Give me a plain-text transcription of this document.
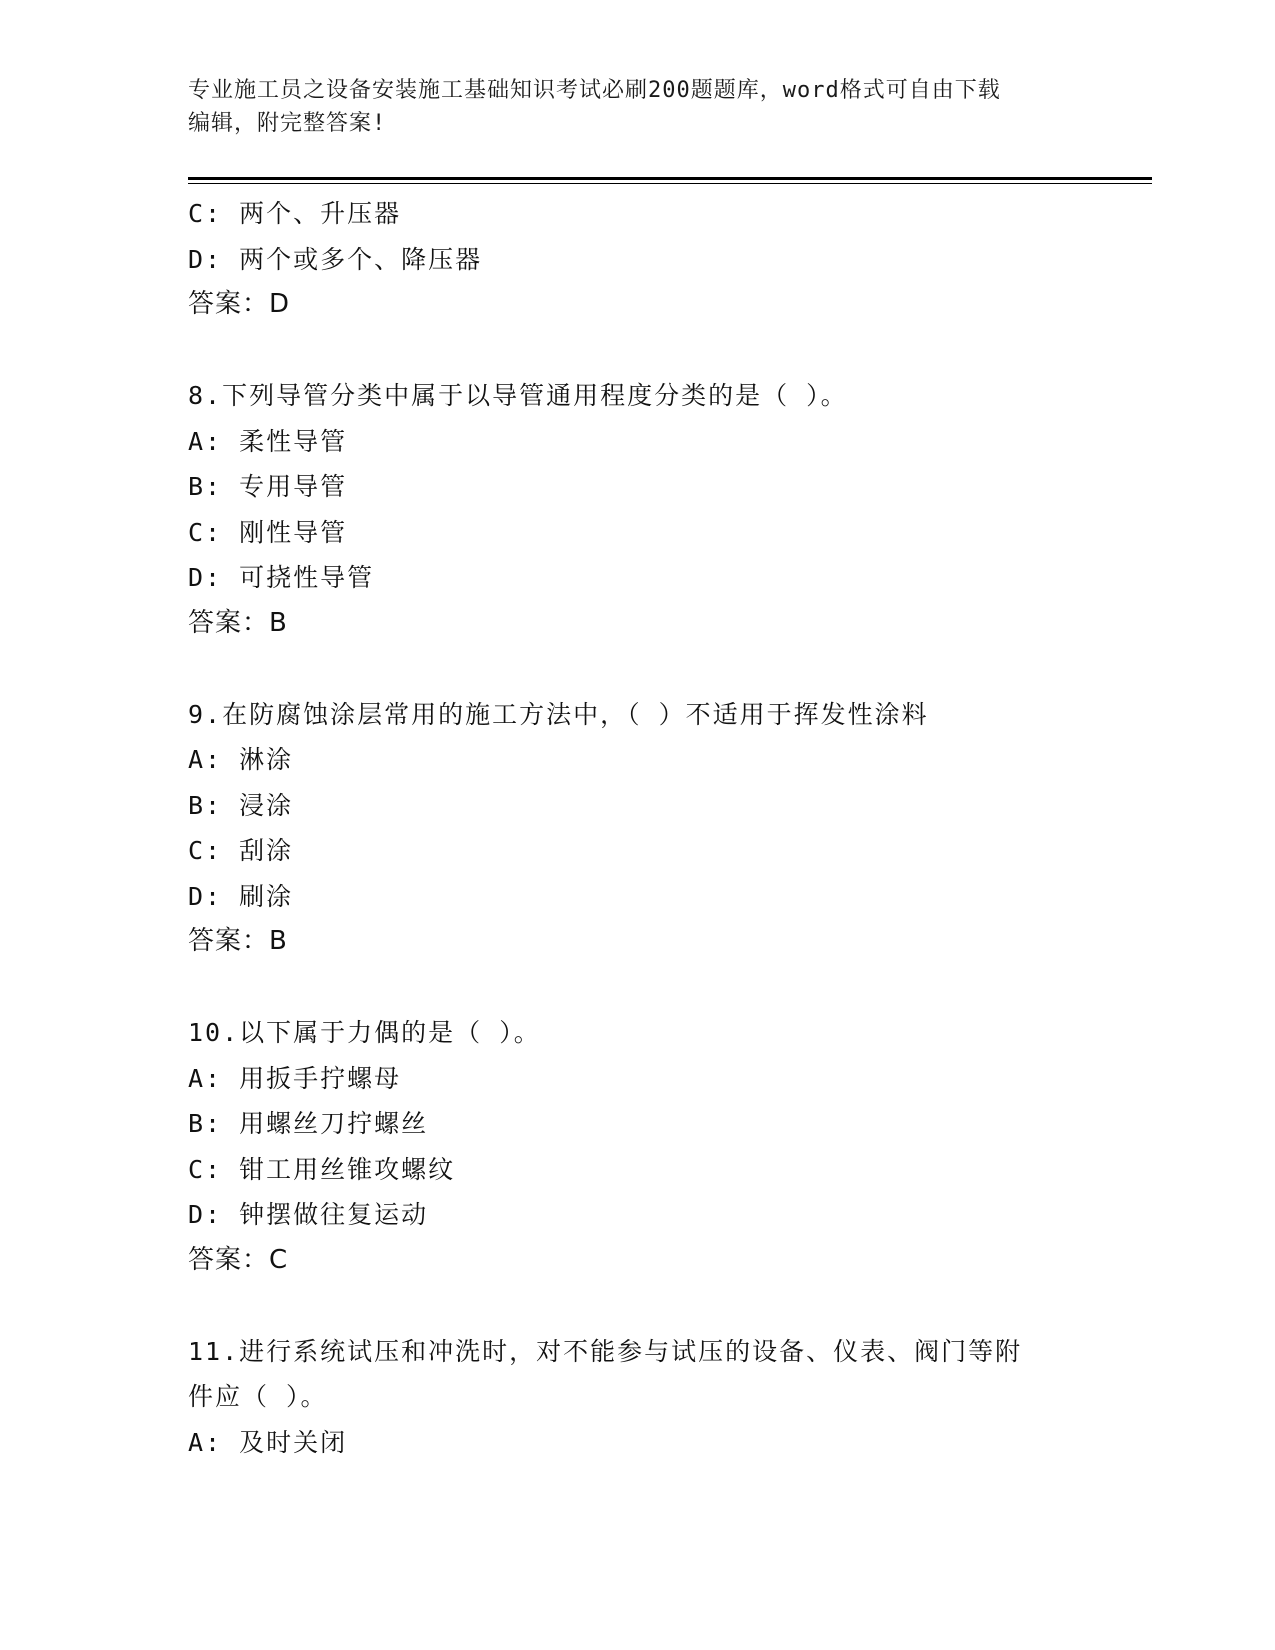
专业施工员之设备安装施工基础知识考试必刷200题题库，word格式可自由下载
编辑，附完整答案!
C: 两个、升压器
D: 两个或多个、降压器
答案：D
8.下列导管分类中属于以导管通用程度分类的是（ ）。
A: 柔性导管
B: 专用导管
C: 刚性导管
D: 可挠性导管
答案：B
9.在防腐蚀涂层常用的施工方法中，（ ）不适用于挥发性涂料
A: 淋涂
B: 浸涂
C: 刮涂
D: 刷涂
答案：B
10.以下属于力偶的是（ ）。
A: 用扳手拧螺母
B: 用螺丝刀拧螺丝
C: 钳工用丝锥攻螺纹
D: 钟摆做往复运动
答案：C
11.进行系统试压和冲洗时，对不能参与试压的设备、仪表、阀门等附
件应（ ）。
A: 及时关闭
